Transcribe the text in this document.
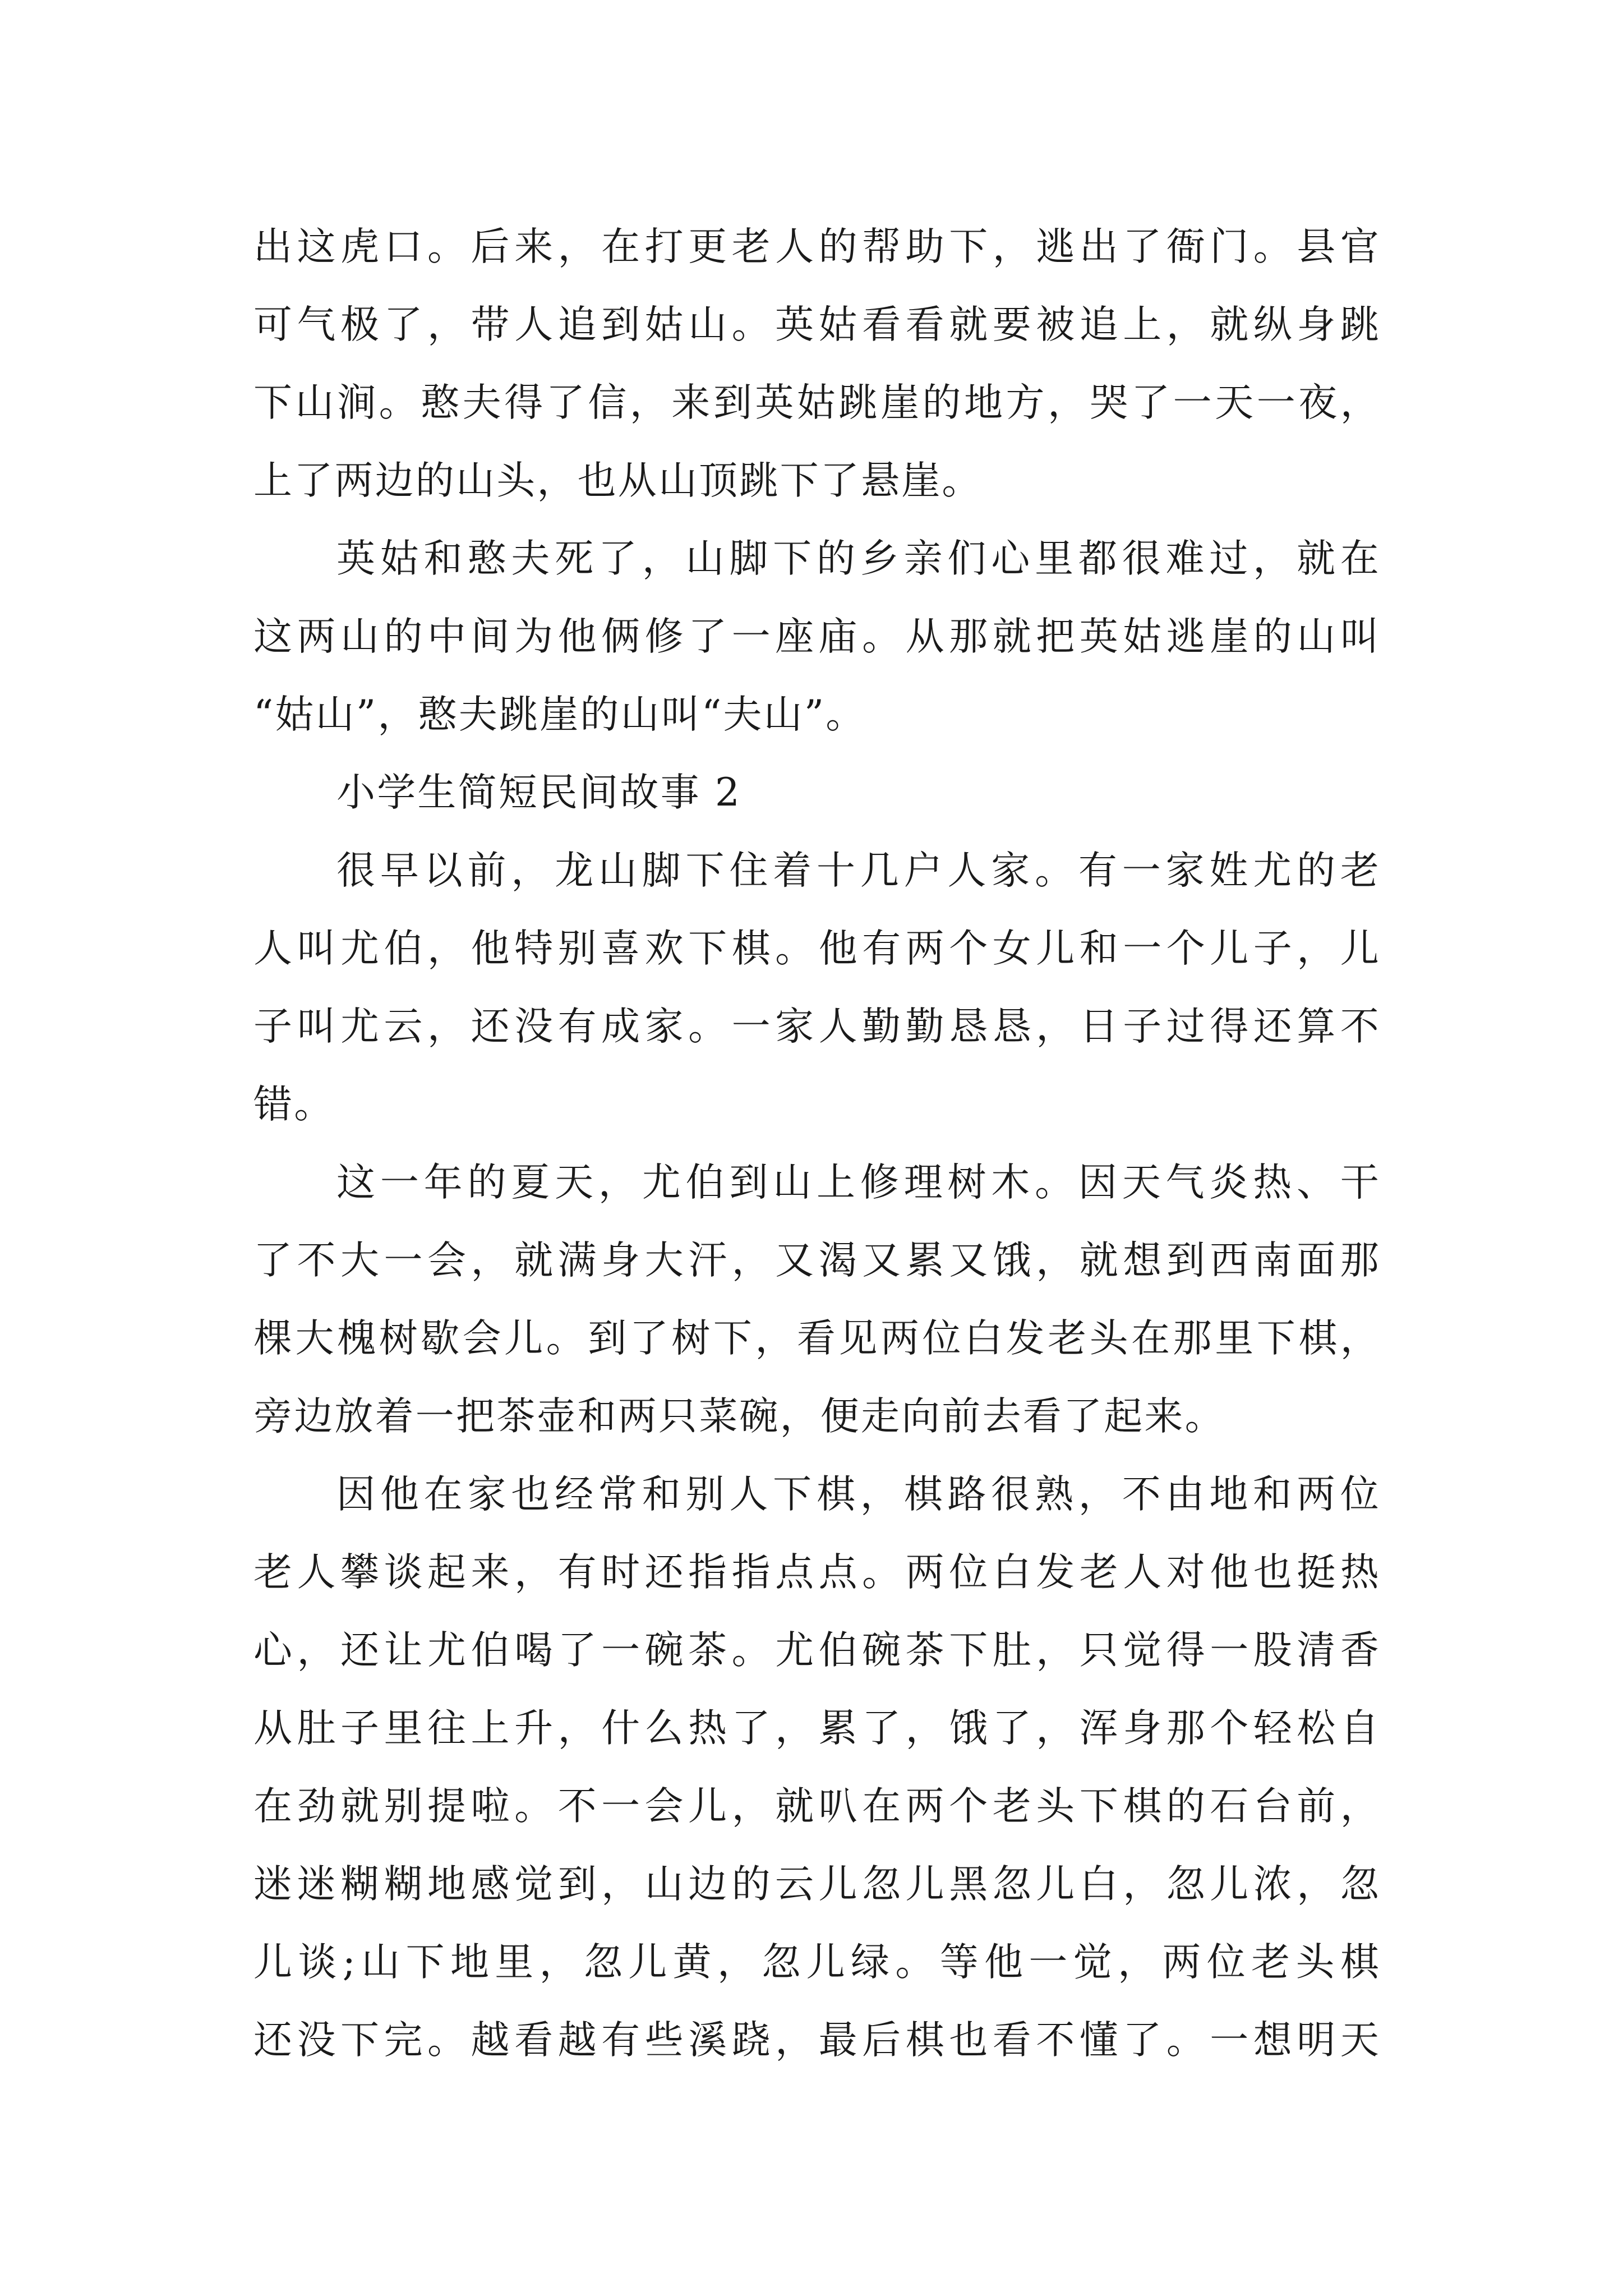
出这虎口。后来，在打更老人的帮助下，逃出了衙门。县官
可气极了，带人追到姑山。英姑看看就要被追上，就纵身跳
下山涧。憨夫得了信，来到英姑跳崖的地方，哭了一天一夜，
上了两边的山头，也从山顶跳下了悬崖。
英姑和憨夫死了，山脚下的乡亲们心里都很难过，就在
这两山的中间为他俩修了一座庙。从那就把英姑逃崖的山叫
“姑山”，憨夫跳崖的山叫“夫山”。
小学生简短民间故事 2
很早以前，龙山脚下住着十几户人家。有一家姓尤的老
人叫尤伯，他特别喜欢下棋。他有两个女儿和一个儿子，儿
子叫尤云，还没有成家。一家人勤勤恳恳，日子过得还算不
错。
这一年的夏天，尤伯到山上修理树木。因天气炎热、干
了不大一会，就满身大汗，又渴又累又饿，就想到西南面那
棵大槐树歇会儿。到了树下，看见两位白发老头在那里下棋，
旁边放着一把茶壶和两只菜碗，便走向前去看了起来。
因他在家也经常和别人下棋，棋路很熟，不由地和两位
老人攀谈起来，有时还指指点点。两位白发老人对他也挺热
心，还让尤伯喝了一碗茶。尤伯碗茶下肚，只觉得一股清香
从肚子里往上升，什么热了，累了，饿了，浑身那个轻松自
在劲就别提啦。不一会儿，就叭在两个老头下棋的石台前，
迷迷糊糊地感觉到，山边的云儿忽儿黑忽儿白，忽儿浓，忽
儿谈;山下地里，忽儿黄，忽儿绿。等他一觉，两位老头棋
还没下完。越看越有些溪跷，最后棋也看不懂了。一想明天
